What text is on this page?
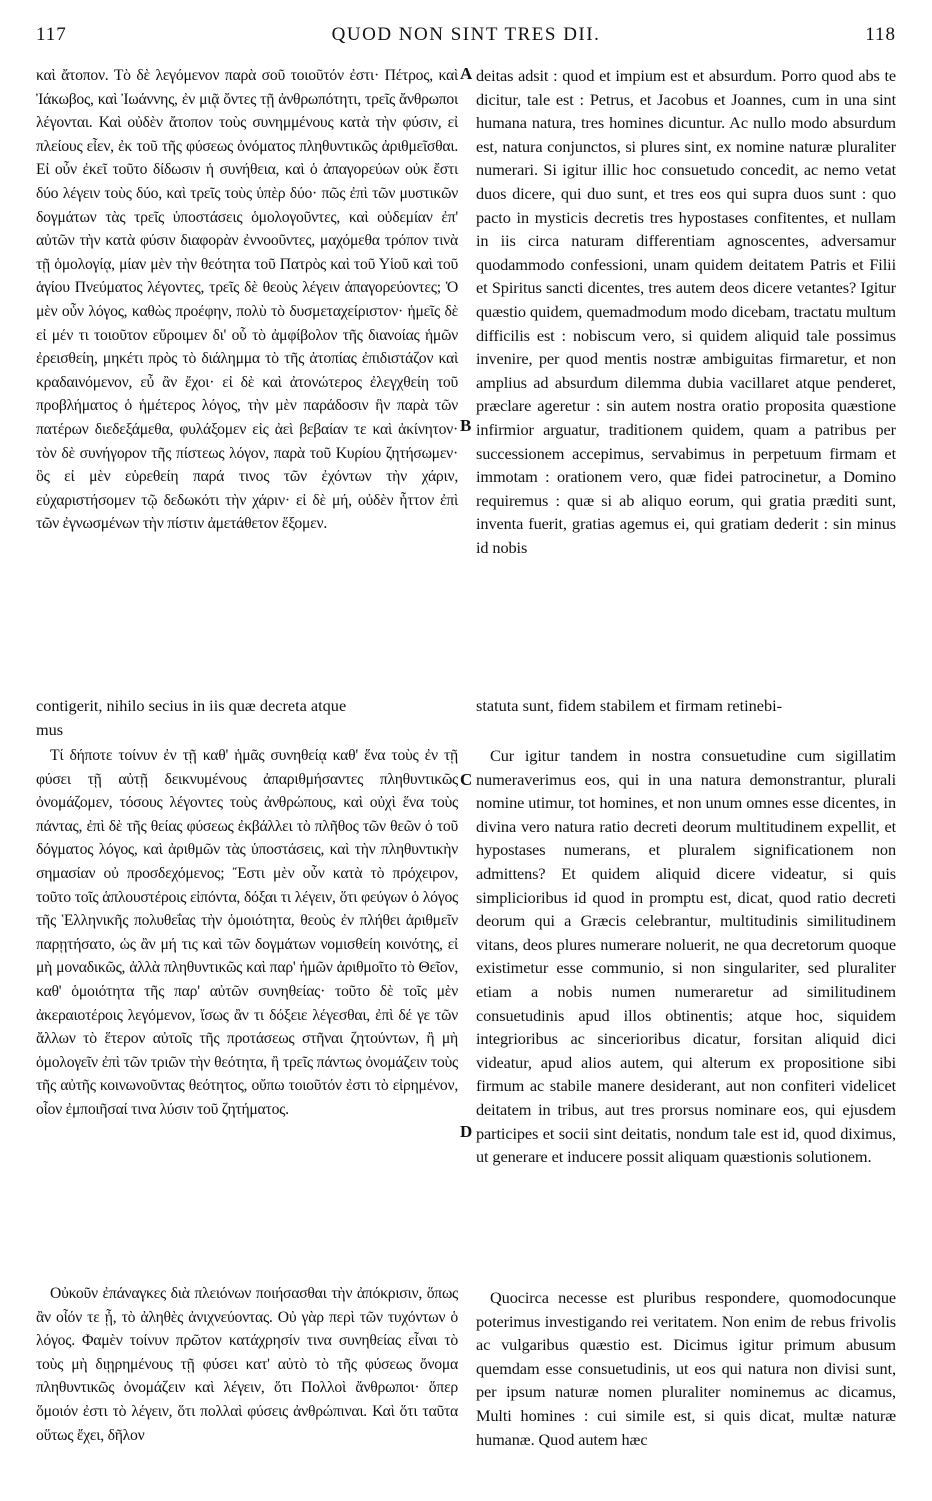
117	QUOD NON SINT TRES DII.	118

καὶ ἄτοπον. Τὸ δὲ λεγόμενον παρὰ σοῦ τοιοῦτόν ἐστι· Πέτρος, καὶ Ἰάκωβος, καὶ Ἰωάννης, ἐν μιᾷ ὄντες τῇ ἀνθρωπότητι, τρεῖς ἄνθρωποι λέγονται. Καὶ οὐδὲν ἄτοπον τοὺς συνημμένους κατὰ τὴν φύσιν, εἰ πλείους εἶεν, ἐκ τοῦ τῆς φύσεως ὀνόματος πληθυντικῶς ἀριθμεῖσθαι. Εἰ οὖν ἐκεῖ τοῦτο δίδωσιν ἡ συνήθεια, καὶ ὁ ἀπαγορεύων οὐκ ἔστι δύο λέγειν τοὺς δύο, καὶ τρεῖς τοὺς ὑπὲρ δύο· πῶς ἐπὶ τῶν μυστικῶν δογμάτων τὰς τρεῖς ὑποστάσεις ὁμολογοῦντες, καὶ οὐδεμίαν ἐπ' αὐτῶν τὴν κατὰ φύσιν διαφορὰν ἐννοοῦντες, μαχόμεθα τρόπον τινὰ τῇ ὁμολογίᾳ, μίαν μὲν τὴν θεότητα τοῦ Πατρὸς καὶ τοῦ Υἱοῦ καὶ τοῦ ἁγίου Πνεύματος λέγοντες, τρεῖς δὲ θεοὺς λέγειν ἀπαγορεύοντες; Ὁ μὲν οὖν λόγος, καθὼς προέφην, πολὺ τὸ δυσμεταχείριστον· ἡμεῖς δὲ εἰ μέν τι τοιοῦτον εὕροιμεν δι' οὗ τὸ ἀμφίβολον τῆς διανοίας ἡμῶν ἐρεισθείη, μηκέτι πρὸς τὸ διάλημμα τὸ τῆς ἀτοπίας ἐπιδιστάζον καὶ κραδαινόμενον, εὖ ἂν ἔχοι· εἰ δὲ καὶ ἀτονώτερος ἐλεγχθείη τοῦ προβλήματος ὁ ἡμέτερος λόγος, τὴν μὲν παράδοσιν ἣν παρὰ τῶν πατέρων διεδεξάμεθα, φυλάξομεν εἰς ἀεὶ βεβαίαν τε καὶ ἀκίνητον· τὸν δὲ συνήγορον τῆς πίστεως λόγον, παρὰ τοῦ Κυρίου ζητήσωμεν· ὃς εἰ μὲν εὑρεθείη παρά τινος τῶν ἐχόντων τὴν χάριν, εὐχαριστήσομεν τῷ δεδωκότι τὴν χάριν· εἰ δὲ μή, οὐδὲν ἧττον ἐπὶ τῶν ἐγνωσμένων τὴν πίστιν ἀμετάθετον ἕξομεν.

deitas adsit : quod et impium est et absurdum. Porro quod abs te dicitur, tale est : Petrus, et Jacobus et Joannes, cum in una sint humana natura, tres homines dicuntur. Ac nullo modo absurdum est, natura conjunctos, si plures sint, ex nomine naturæ pluraliter numerari. Si igitur illic hoc consuetudo concedit, ac nemo vetat duos dicere, qui duo sunt, et tres eos qui supra duos sunt : quo pacto in mysticis decretis tres hypostases confitentes, et nullam in iis circa naturam differentiam agnoscentes, adversamur quodammodo confessioni, unam quidem deitatem Patris et Filii et Spiritus sancti dicentes, tres autem deos dicere vetantes? Igitur quæstio quidem, quemadmodum modo dicebam, tractatu multum difficilis est : nobiscum vero, si quidem aliquid tale possimus invenire, per quod mentis nostræ ambiguitas firmaretur, et non amplius ad absurdum dilemma dubia vacillaret atque penderet, præclare ageretur : sin autem nostra oratio proposita quæstione infirmior arguatur, traditionem quidem, quam a patribus per successionem accepimus, servabimus in perpetuum firmam et immotam : orationem vero, quæ fidei patrocinetur, a Domino requiremus : quæ si ab aliquo eorum, qui gratia præditi sunt, inventa fuerit, gratias agemus ei, qui gratiam dederit : sin minus id nobis

A
B
C
D
contigerit, nihilo secius in iis quæ decreta atque
mus
statuta sunt, fidem stabilem et firmam retinebi-

Τί δήποτε τοίνυν ἐν τῇ καθ' ἡμᾶς συνηθείᾳ καθ' ἕνα τοὺς ἐν τῇ φύσει τῇ αὐτῇ δεικνυμένους ἀπαριθμήσαντες πληθυντικῶς ὀνομάζομεν, τόσους λέγοντες τοὺς ἀνθρώπους, καὶ οὐχὶ ἕνα τοὺς πάντας, ἐπὶ δὲ τῆς θείας φύσεως ἐκβάλλει τὸ πλῆθος τῶν θεῶν ὁ τοῦ δόγματος λόγος, καὶ ἀριθμῶν τὰς ὑποστάσεις, καὶ τὴν πληθυντικὴν σημασίαν οὐ προσδεχόμενος; Ἔστι μὲν οὖν κατὰ τὸ πρόχειρον, τοῦτο τοῖς ἁπλουστέροις εἰπόντα, δόξαι τι λέγειν, ὅτι φεύγων ὁ λόγος τῆς Ἑλληνικῆς πολυθεΐας τὴν ὁμοιότητα, θεοὺς ἐν πλήθει ἀριθμεῖν παρῃτήσατο, ὡς ἂν μή τις καὶ τῶν δογμάτων νομισθείη κοινότης, εἰ μὴ μοναδικῶς, ἀλλὰ πληθυντικῶς καὶ παρ' ἡμῶν ἀριθμοῖτο τὸ Θεῖον, καθ' ὁμοιότητα τῆς παρ' αὐτῶν συνηθείας· τοῦτο δὲ τοῖς μὲν ἀκεραιοτέροις λεγόμενον, ἴσως ἂν τι δόξειε λέγεσθαι, ἐπὶ δέ γε τῶν ἄλλων τὸ ἕτερον αὐτοῖς τῆς προτάσεως στῆναι ζητούντων, ἢ μὴ ὁμολογεῖν ἐπὶ τῶν τριῶν τὴν θεότητα, ἢ τρεῖς πάντως ὀνομάζειν τοὺς τῆς αὐτῆς κοινωνοῦντας θεότητος, οὔπω τοιοῦτόν ἐστι τὸ εἰρημένον, οἷον ἐμποιῆσαί τινα λύσιν τοῦ ζητήματος.

Cur igitur tandem in nostra consuetudine cum sigillatim numeraverimus eos, qui in una natura demonstrantur, plurali nomine utimur, tot homines, et non unum omnes esse dicentes, in divina vero natura ratio decreti deorum multitudinem expellit, et hypostases numerans, et pluralem significationem non admittens? Et quidem aliquid dicere videatur, si quis simplicioribus id quod in promptu est, dicat, quod ratio decreti deorum qui a Græcis celebrantur, multitudinis similitudinem vitans, deos plures numerare noluerit, ne qua decretorum quoque existimetur esse communio, si non singulariter, sed pluraliter etiam a nobis numen numeraretur ad similitudinem consuetudinis apud illos obtinentis; atque hoc, siquidem integrioribus ac sincerioribus dicatur, forsitan aliquid dici videatur, apud alios autem, qui alterum ex propositione sibi firmum ac stabile manere desiderant, aut non confiteri videlicet deitatem in tribus, aut tres prorsus nominare eos, qui ejusdem participes et socii sint deitatis, nondum tale est id, quod diximus, ut generare et inducere possit aliquam quæstionis solutionem.

Οὐκοῦν ἐπάναγκες διὰ πλειόνων ποιήσασθαι τὴν ἀπόκρισιν, ὅπως ἂν οἷόν τε ᾖ, τὸ ἀληθὲς ἀνιχνεύοντας. Οὐ γὰρ περὶ τῶν τυχόντων ὁ λόγος. Φαμὲν τοίνυν πρῶτον κατάχρησίν τινα συνηθείας εἶναι τὸ τοὺς μὴ διῃρημένους τῇ φύσει κατ' αὐτὸ τὸ τῆς φύσεως ὄνομα πληθυντικῶς ὀνομάζειν καὶ λέγειν, ὅτι Πολλοὶ ἄνθρωποι· ὅπερ ὅμοιόν ἐστι τὸ λέγειν, ὅτι πολλαὶ φύσεις ἀνθρώπιναι. Καὶ ὅτι ταῦτα οὕτως ἔχει, δῆλον

Quocirca necesse est pluribus respondere, quomodocunque poterimus investigando rei veritatem. Non enim de rebus frivolis ac vulgaribus quæstio est. Dicimus igitur primum abusum quemdam esse consuetudinis, ut eos qui natura non divisi sunt, per ipsum naturæ nomen pluraliter nominemus ac dicamus, Multi homines : cui simile est, si quis dicat, multæ naturæ humanæ. Quod autem hæc
